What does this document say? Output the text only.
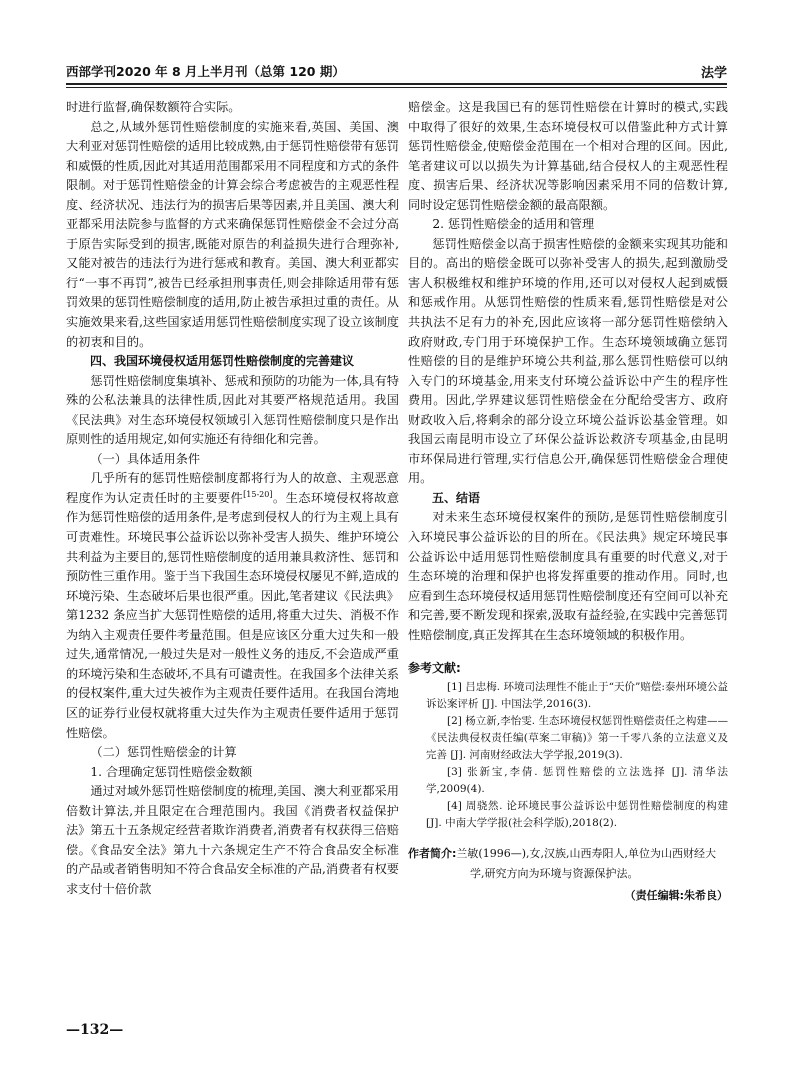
西部学刊2020 年 8 月上半月刊（总第 120 期）	法学

时进行监督,确保数额符合实际。

总之,从域外惩罚性赔偿制度的实施来看,英国、美国、澳大利亚对惩罚性赔偿的适用比较成熟,由于惩罚性赔偿带有惩罚和威慑的性质,因此对其适用范围都采用不同程度和方式的条件限制。对于惩罚性赔偿金的计算会综合考虑被告的主观恶性程度、经济状况、违法行为的损害后果等因素,并且美国、澳大利亚都采用法院参与监督的方式来确保惩罚性赔偿金不会过分高于原告实际受到的损害,既能对原告的利益损失进行合理弥补,又能对被告的违法行为进行惩戒和教育。美国、澳大利亚都实行“一事不再罚”,被告已经承担刑事责任,则会排除适用带有惩罚效果的惩罚性赔偿制度的适用,防止被告承担过重的责任。从实施效果来看,这些国家适用惩罚性赔偿制度实现了设立该制度的初衷和目的。

四、我国环境侵权适用惩罚性赔偿制度的完善建议

惩罚性赔偿制度集填补、惩戒和预防的功能为一体,具有特殊的公私法兼具的法律性质,因此对其要严格规范适用。我国《民法典》对生态环境侵权领域引入惩罚性赔偿制度只是作出原则性的适用规定,如何实施还有待细化和完善。

（一）具体适用条件

几乎所有的惩罚性赔偿制度都将行为人的故意、主观恶意程度作为认定责任时的主要要件[15-20]。生态环境侵权将故意作为惩罚性赔偿的适用条件,是考虑到侵权人的行为主观上具有可责难性。环境民事公益诉讼以弥补受害人损失、维护环境公共利益为主要目的,惩罚性赔偿制度的适用兼具救济性、惩罚和预防性三重作用。鉴于当下我国生态环境侵权屡见不鲜,造成的环境污染、生态破坏后果也很严重。因此,笔者建议《民法典》第1232 条应当扩大惩罚性赔偿的适用,将重大过失、消极不作为纳入主观责任要件考量范围。但是应该区分重大过失和一般过失,通常情况,一般过失是对一般性义务的违反,不会造成严重的环境污染和生态破坏,不具有可谴责性。在我国多个法律关系的侵权案件,重大过失被作为主观责任要件适用。在我国台湾地区的证券行业侵权就将重大过失作为主观责任要件适用于惩罚性赔偿。

（二）惩罚性赔偿金的计算

1. 合理确定惩罚性赔偿金数额

通过对域外惩罚性赔偿制度的梳理,美国、澳大利亚都采用倍数计算法,并且限定在合理范围内。我国《消费者权益保护法》第五十五条规定经营者欺诈消费者,消费者有权获得三倍赔偿。《食品安全法》第九十六条规定生产不符合食品安全标准的产品或者销售明知不符合食品安全标准的产品,消费者有权要求支付十倍价款

赔偿金。这是我国已有的惩罚性赔偿在计算时的模式,实践中取得了很好的效果,生态环境侵权可以借鉴此种方式计算惩罚性赔偿金,使赔偿金范围在一个相对合理的区间。因此,笔者建议可以以损失为计算基础,结合侵权人的主观恶性程度、损害后果、经济状况等影响因素采用不同的倍数计算,同时设定惩罚性赔偿金额的最高限额。

2. 惩罚性赔偿金的适用和管理

惩罚性赔偿金以高于损害性赔偿的金额来实现其功能和目的。高出的赔偿金既可以弥补受害人的损失,起到激励受害人积极维权和维护环境的作用,还可以对侵权人起到威慑和惩戒作用。从惩罚性赔偿的性质来看,惩罚性赔偿是对公共执法不足有力的补充,因此应该将一部分惩罚性赔偿纳入政府财政,专门用于环境保护工作。生态环境领域确立惩罚性赔偿的目的是维护环境公共利益,那么惩罚性赔偿可以纳入专门的环境基金,用来支付环境公益诉讼中产生的程序性费用。因此,学界建议惩罚性赔偿金在分配给受害方、政府财政收入后,将剩余的部分设立环境公益诉讼基金管理。如我国云南昆明市设立了环保公益诉讼救济专项基金,由昆明市环保局进行管理,实行信息公开,确保惩罚性赔偿金合理使用。

五、结语

对未来生态环境侵权案件的预防,是惩罚性赔偿制度引入环境民事公益诉讼的目的所在。《民法典》规定环境民事公益诉讼中适用惩罚性赔偿制度具有重要的时代意义,对于生态环境的治理和保护也将发挥重要的推动作用。同时,也应看到生态环境侵权适用惩罚性赔偿制度还有空间可以补充和完善,要不断发现和探索,汲取有益经验,在实践中完善惩罚性赔偿制度,真正发挥其在生态环境领域的积极作用。

参考文献:

[1] 吕忠梅. 环境司法理性不能止于“天价”赔偿:泰州环境公益诉讼案评析 [J]. 中国法学,2016(3).

[2] 杨立新,李怡雯. 生态环境侵权惩罚性赔偿责任之构建——《民法典侵权责任编(草案二审稿)》第一千零八条的立法意义及完善 [J]. 河南财经政法大学学报,2019(3).

[3] 张新宝,李倩. 惩罚性赔偿的立法选择 [J]. 清华法学,2009(4).

[4] 周骁然. 论环境民事公益诉讼中惩罚性赔偿制度的构建 [J]. 中南大学学报(社会科学版),2018(2).

作者简介:兰敏(1996—),女,汉族,山西寿阳人,单位为山西财经大学,研究方向为环境与资源保护法。
（责任编辑:朱希良）
—132—
